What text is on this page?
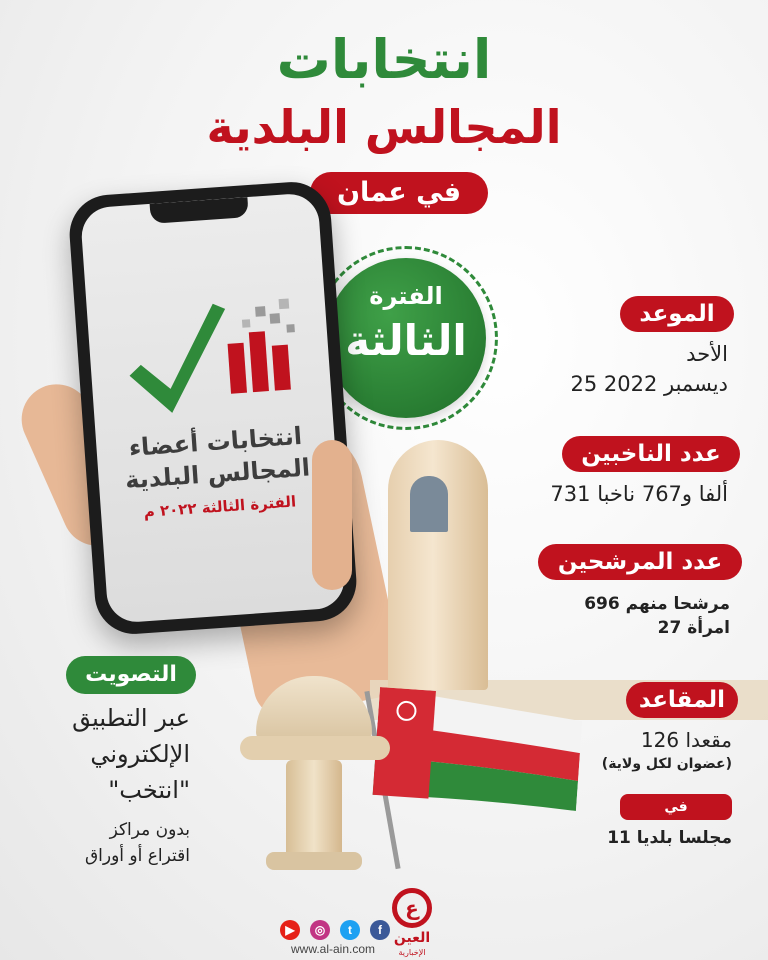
انتخابات
المجالس البلدية
في عمان
الفترة
الثالثة
انتخابات أعضاء
المجالس البلدية
الفترة الثالثة ٢٠٢٢ م
الموعد
الأحد
25 ديسمبر 2022
عدد الناخبين
731 ألفا و767 ناخبا
عدد المرشحين
696 مرشحا منهم
27 امرأة
المقاعد
126 مقعدا
(عضوان لكل ولاية)
في
11 مجلسا بلديا
التصويت
عبر التطبيق
الإلكتروني
"انتخب"
بدون مراكز
اقتراع أو أوراق
▶	◎	t	f
www.al-ain.com
ع
العين
الإخبارية
